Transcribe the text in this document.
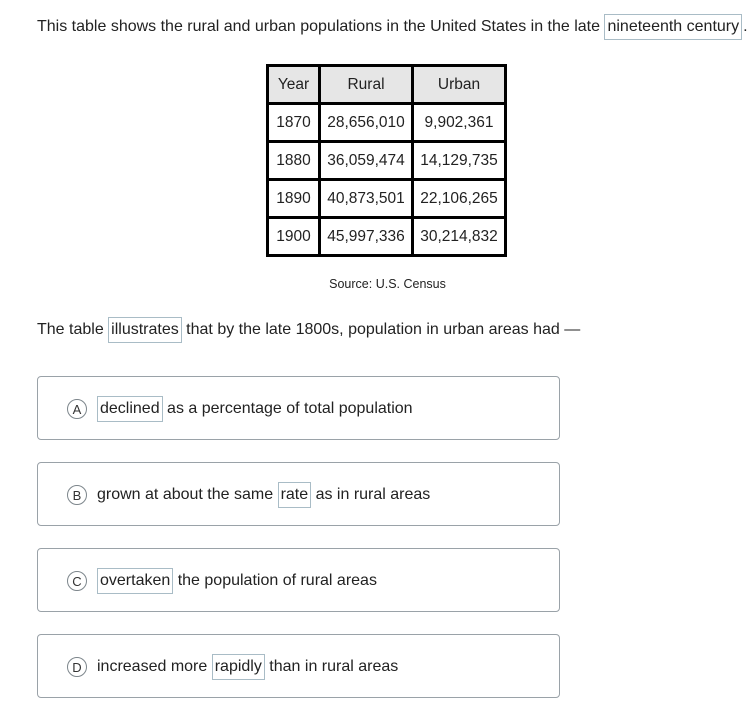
This table shows the rural and urban populations in the United States in the late nineteenth century .
Year	Rural	Urban
1870	28,656,010	9,902,361
1880	36,059,474	14,129,735
1890	40,873,501	22,106,265
1900	45,997,336	30,214,832
Source: U.S. Census
The table illustrates that by the late 1800s, population in urban areas had —
A	declined as a percentage of total population
B grown at about the same rate as in rural areas
C	overtaken the population of rural areas
D increased more rapidly than in rural areas
